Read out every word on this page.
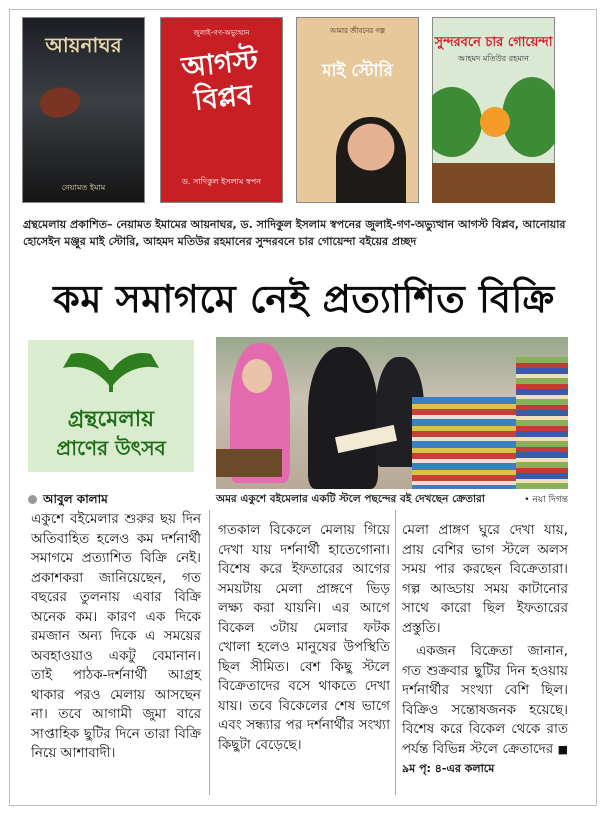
আয়নাঘর
নেয়ামত ইমাম
জুলাই-গণ-অভ্যুত্থান
আগস্ট বিপ্লব
ড. সাদিকুল ইসলাম স্বপন
আমার জীবনের গল্প
মাই স্টোরি
সুন্দরবনে চার গোয়েন্দা
আহমদ মতিউর রহমান
গ্রন্থমেলায় প্রকাশিত– নেয়ামত ইমামের আয়নাঘর, ড. সাদিকুল ইসলাম স্বপনের জুলাই-গণ-অভ্যুত্থান আগস্ট বিপ্লব, আনোয়ার হোসেইন মঞ্জুর মাই স্টোরি, আহমদ মতিউর রহমানের সুন্দরবনে চার গোয়েন্দা বইয়ের প্রচ্ছদ
কম সমাগমে নেই প্রত্যাশিত বিক্রি
গ্রন্থমেলায়
প্রাণের উৎসব
অমর একুশে বইমেলার একটি স্টলে পছন্দের বই দেখছেন ক্রেতারা	• নয়া দিগন্ত
আবুল কালাম
একুশে বইমেলার শুরুর ছয় দিন অতিবাহিত হলেও কম দর্শনার্থী সমাগমে প্রত্যাশিত বিক্রি নেই। প্রকাশকরা জানিয়েছেন, গত বছরের তুলনায় এবার বিক্রি অনেক কম। কারণ এক দিকে রমজান অন্য দিকে এ সময়ের অবহাওয়াও একটু বেমানান। তাই পাঠক-দর্শনার্থী আগ্রহ থাকার পরও মেলায় আসছেন না। তবে আগামী জুমা বারে সাপ্তাহিক ছুটির দিনে তারা বিক্রি নিয়ে আশাবাদী।
গতকাল বিকেলে মেলায় গিয়ে দেখা যায় দর্শনার্থী হাতেগোনা। বিশেষ করে ইফতারের আগের সময়টায় মেলা প্রাঙ্গণে ভিড় লক্ষ্য করা যায়নি। এর আগে বিকেল ৩টায় মেলার ফটক খোলা হলেও মানুষের উপস্থিতি ছিল সীমিত। বেশ কিছু স্টলে বিক্রেতাদের বসে থাকতে দেখা যায়। তবে বিকেলের শেষ ভাগে এবং সন্ধ্যার পর দর্শনার্থীর সংখ্যা কিছুটা বেড়েছে।
মেলা প্রাঙ্গণ ঘুরে দেখা যায়, প্রায় বেশির ভাগ স্টলে অলস সময় পার করছেন বিক্রেতারা। গল্প আড্ডায় সময় কাটানোর সাথে কারো ছিল ইফতারের প্রস্তুতি।
একজন বিক্রেতা জানান, গত শুক্রবার ছুটির দিন হওয়ায় দর্শনার্থীর সংখ্যা বেশি ছিল। বিক্রিও সন্তোষজনক হয়েছে। বিশেষ করে বিকেল থেকে রাত পর্যন্ত বিভিন্ন স্টলে ক্রেতাদের ■ ৯ম পৃ: ৪-এর কলামে
